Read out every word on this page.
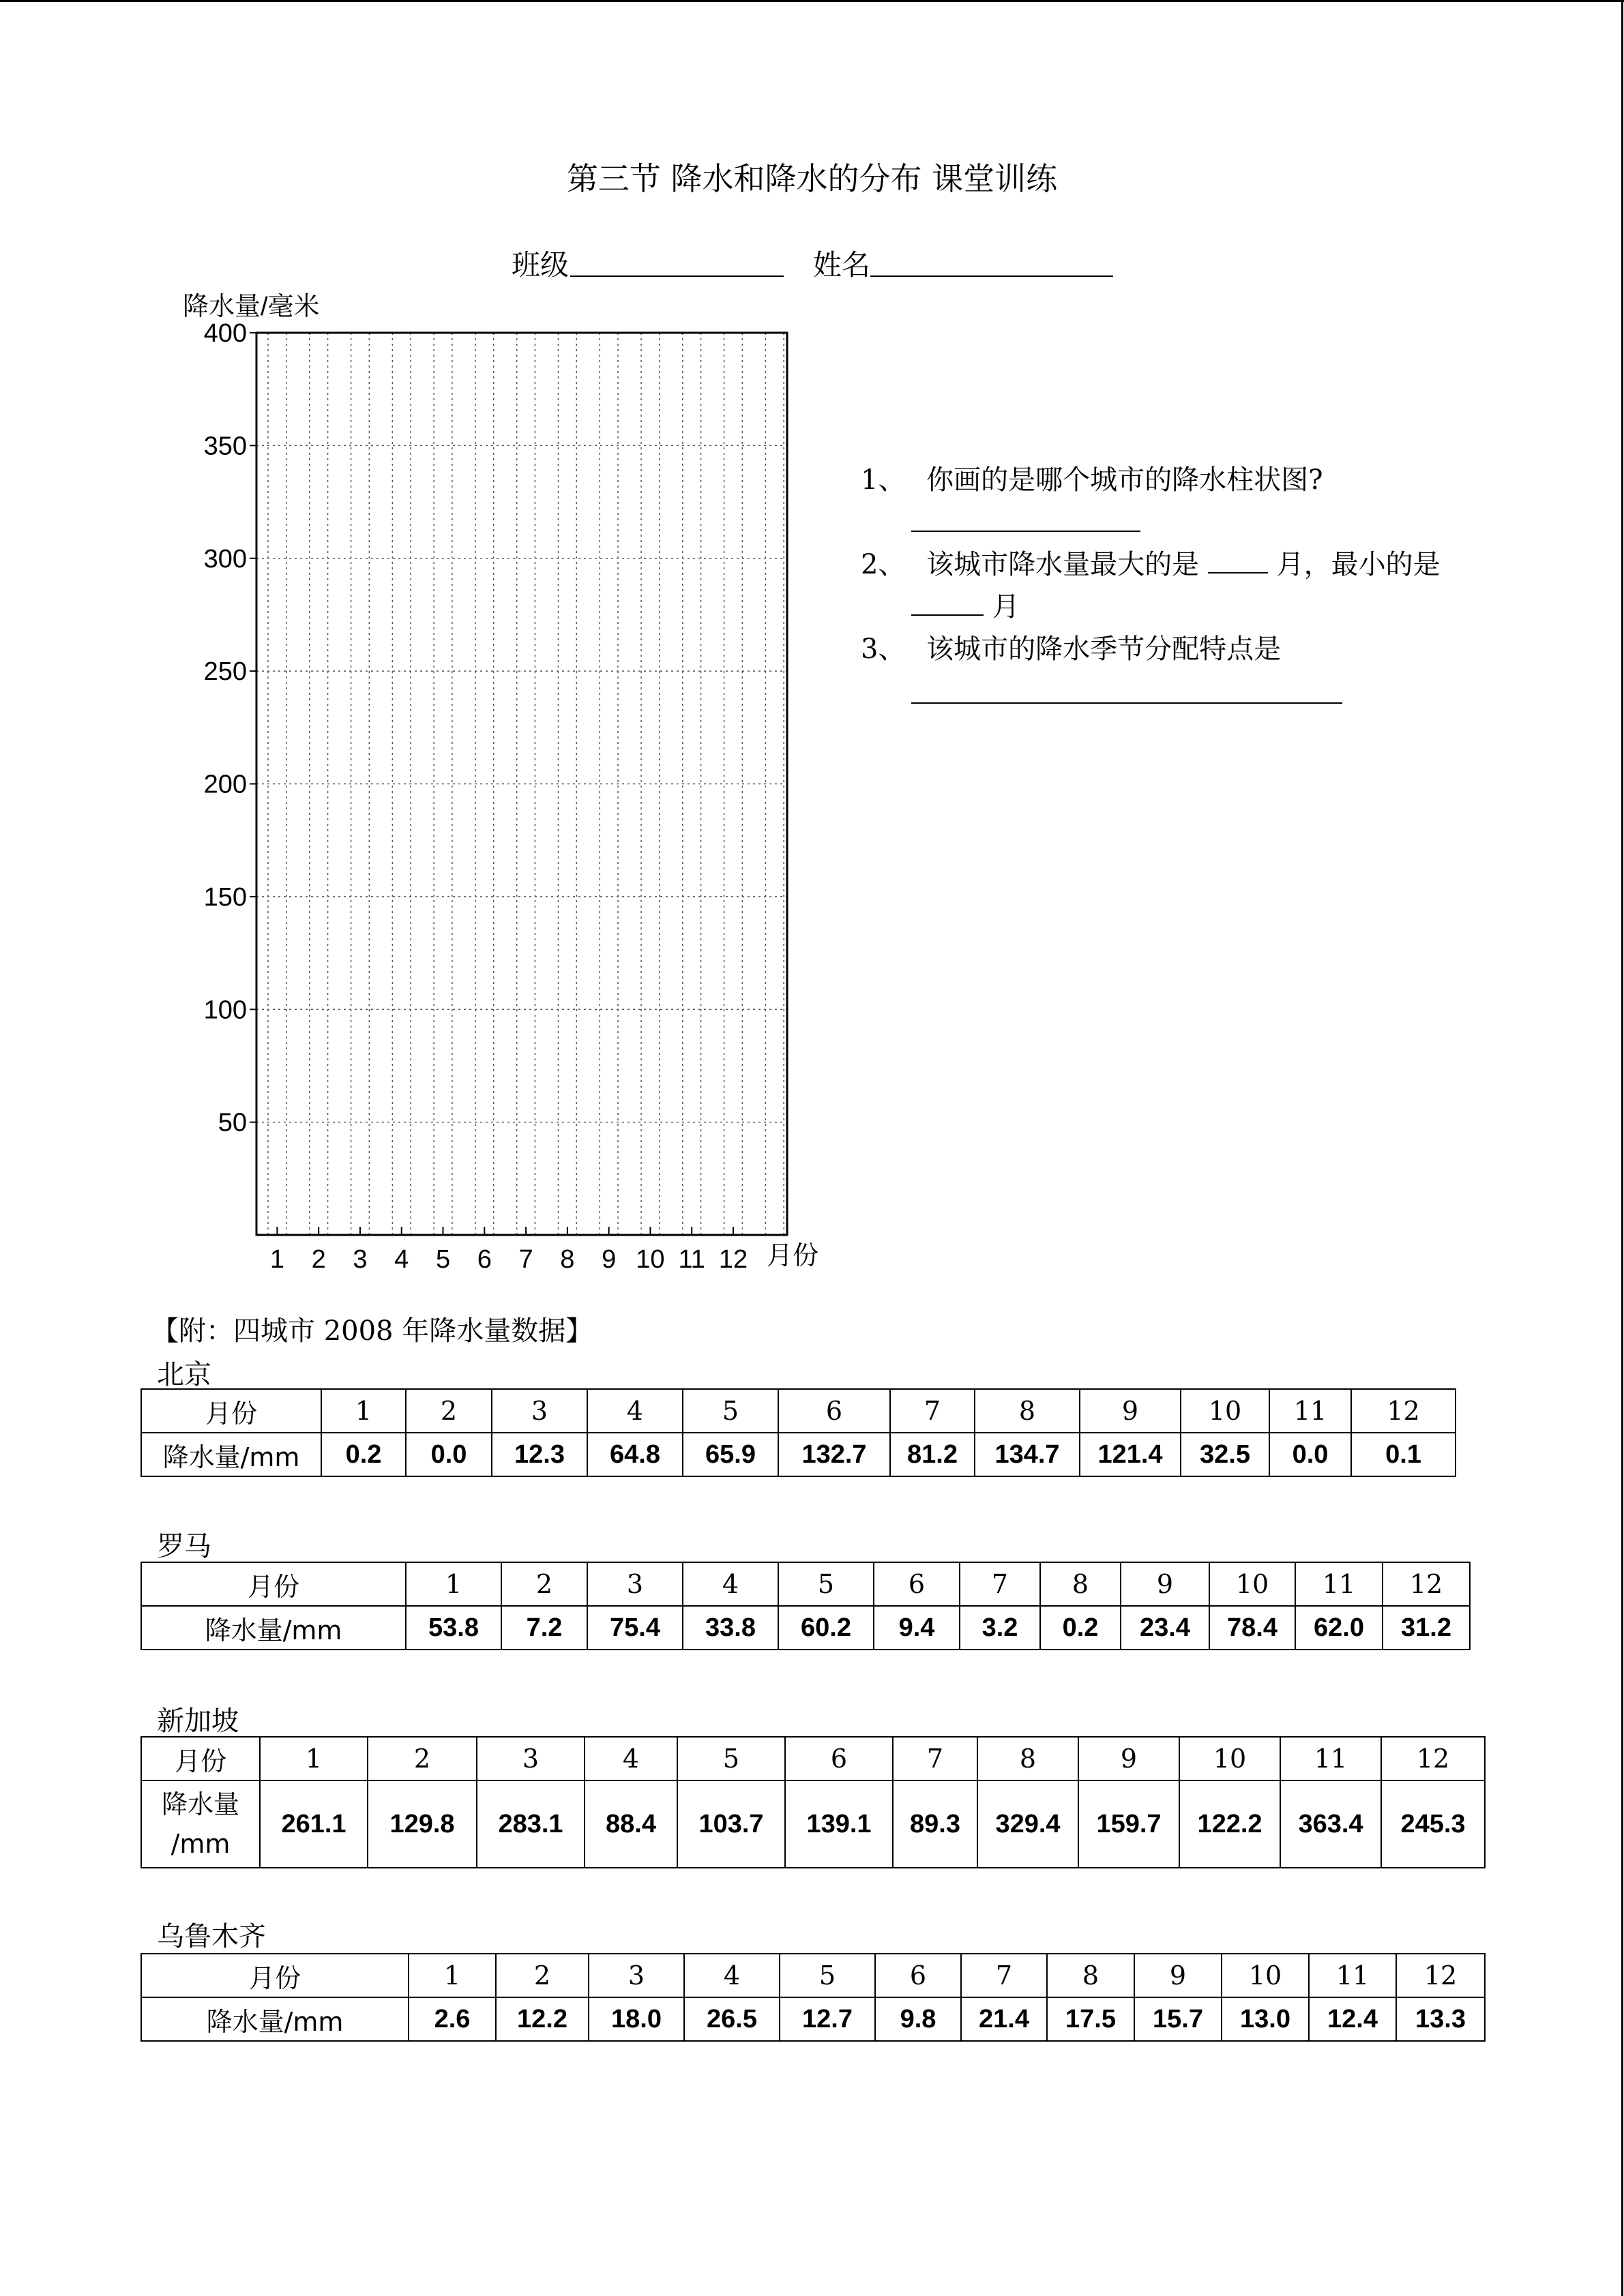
第三节 降水和降水的分布 课堂训练
班级	姓名
降水量/毫米
月份
50
100
150
200
250
300
350
400
1 2 3 4 5 6 7 8 9 10 11 12
1、 你画的是哪个城市的降水柱状图?
2、 该城市降水量最大的是	月，最小的是
月
3、 该城市的降水季节分配特点是
【附：四城市 2008 年降水量数据】
北京
月份	1	2	3	4	5	6	7	8	9	10	11	12
降水量/mm	0.2	0.0	12.3	64.8	65.9	132.7	81.2	134.7	121.4	32.5	0.0	0.1
罗马
月份	1	2	3	4	5	6	7	8	9	10	11	12
降水量/mm	53.8	7.2	75.4	33.8	60.2	9.4	3.2	0.2	23.4	78.4	62.0	31.2
新加坡
月份	1	2	3	4	5	6	7	8	9	10	11	12

降水量
/mm	261.1	129.8	283.1	88.4	103.7	139.1	89.3	329.4	159.7	122.2	363.4	245.3
乌鲁木齐
月份	1	2	3	4	5	6	7	8	9	10	11	12
降水量/mm	2.6	12.2	18.0	26.5	12.7	9.8	21.4	17.5	15.7	13.0	12.4	13.3
